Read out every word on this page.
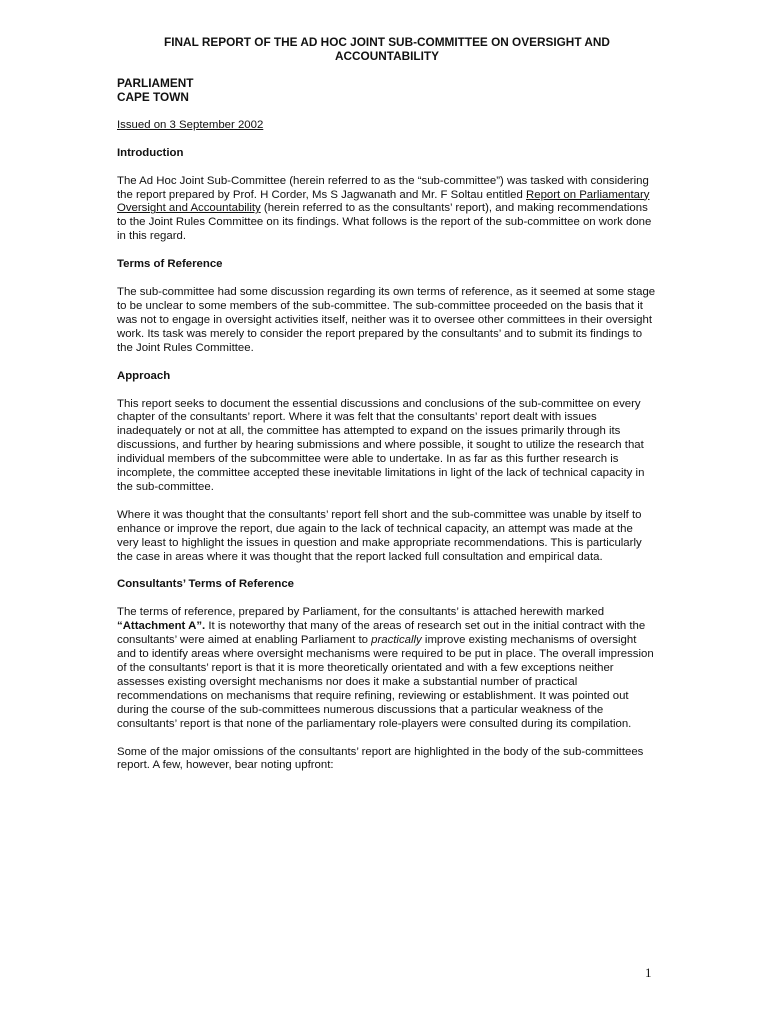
FINAL REPORT OF THE AD HOC JOINT SUB-COMMITTEE ON OVERSIGHT AND
ACCOUNTABILITY
PARLIAMENT
CAPE TOWN
Issued on 3 September 2002
Introduction

The Ad Hoc Joint Sub-Committee (herein referred to as the “sub-committee”) was tasked with considering the report prepared by Prof. H Corder, Ms S Jagwanath and Mr. F Soltau entitled Report on Parliamentary Oversight and Accountability (herein referred to as the consultants’ report), and making recommendations to the Joint Rules Committee on its findings. What follows is the report of the sub-committee on work done in this regard.

Terms of Reference

The sub-committee had some discussion regarding its own terms of reference, as it seemed at some stage to be unclear to some members of the sub-committee. The sub-committee proceeded on the basis that it was not to engage in oversight activities itself, neither was it to oversee other committees in their oversight work. Its task was merely to consider the report prepared by the consultants’ and to submit its findings to the Joint Rules Committee.

Approach

This report seeks to document the essential discussions and conclusions of the sub-committee on every chapter of the consultants’ report. Where it was felt that the consultants’ report dealt with issues inadequately or not at all, the committee has attempted to expand on the issues primarily through its discussions, and further by hearing submissions and where possible, it sought to utilize the research that individual members of the subcommittee were able to undertake. In as far as this further research is incomplete, the committee accepted these inevitable limitations in light of the lack of technical capacity in the sub-committee.

Where it was thought that the consultants’ report fell short and the sub-committee was unable by itself to enhance or improve the report, due again to the lack of technical capacity, an attempt was made at the very least to highlight the issues in question and make appropriate recommendations. This is particularly the case in areas where it was thought that the report lacked full consultation and empirical data.

Consultants’ Terms of Reference

The terms of reference, prepared by Parliament, for the consultants’ is attached herewith marked “Attachment A”. It is noteworthy that many of the areas of research set out in the initial contract with the consultants’ were aimed at enabling Parliament to practically improve existing mechanisms of oversight and to identify areas where oversight mechanisms were required to be put in place. The overall impression of the consultants’ report is that it is more theoretically orientated and with a few exceptions neither assesses existing oversight mechanisms nor does it make a substantial number of practical recommendations on mechanisms that require refining, reviewing or establishment. It was pointed out during the course of the sub-committees numerous discussions that a particular weakness of the consultants’ report is that none of the parliamentary role-players were consulted during its compilation.

Some of the major omissions of the consultants’ report are highlighted in the body of the sub-committees report. A few, however, bear noting upfront:

1
